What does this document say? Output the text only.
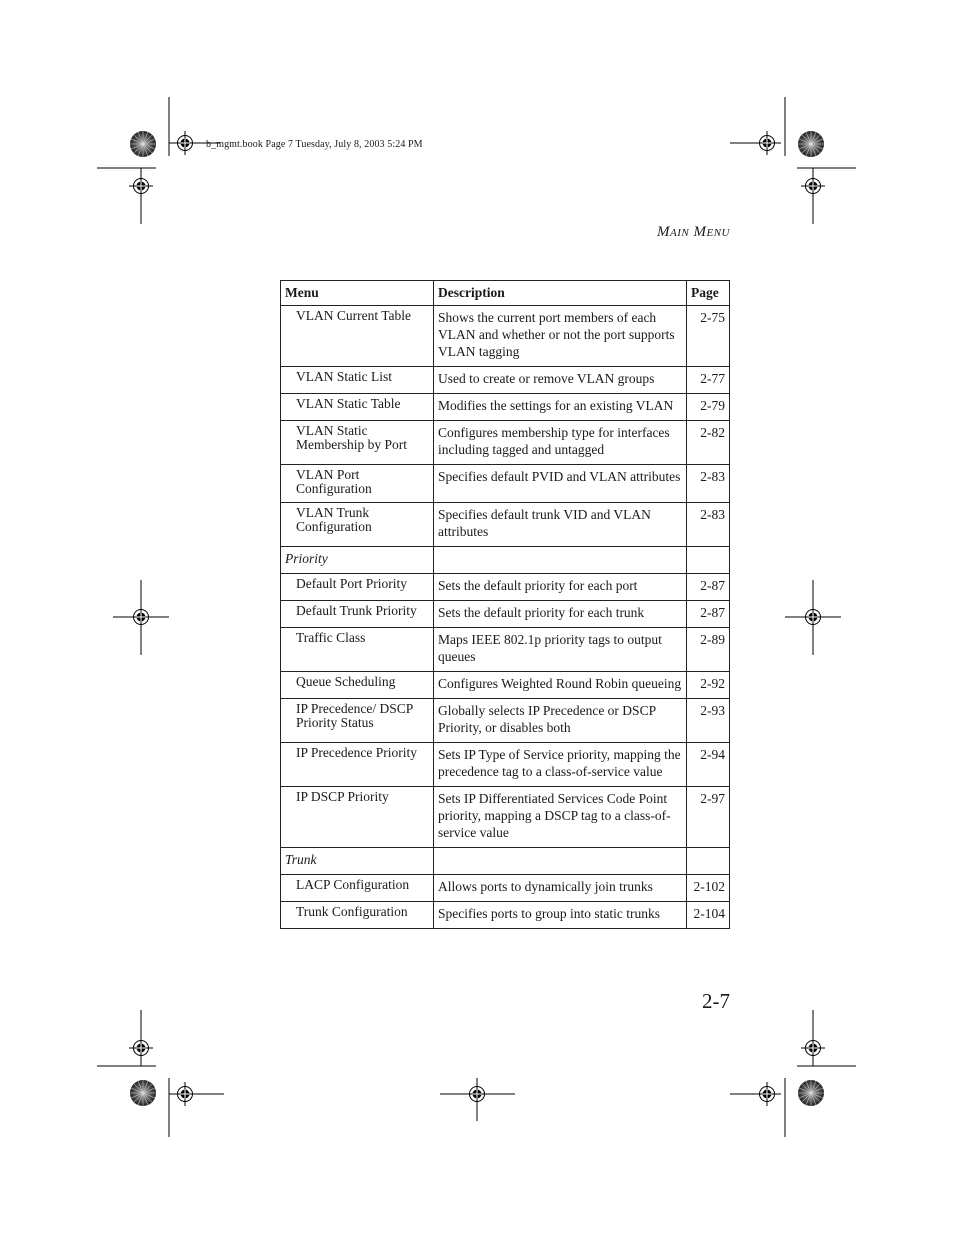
b_mgmt.book Page 7 Tuesday, July 8, 2003 5:24 PM
MAIN MENU
Menu	Description	Page
VLAN Current Table	Shows the current port members of each VLAN and whether or not the port supports VLAN tagging	2-75
VLAN Static List	Used to create or remove VLAN groups	2-77
VLAN Static Table	Modifies the settings for an existing VLAN	2-79
VLAN Static Membership by Port	Configures membership type for interfaces including tagged and untagged	2-82
VLAN Port Configuration	Specifies default PVID and VLAN attributes	2-83
VLAN Trunk Configuration	Specifies default trunk VID and VLAN attributes	2-83
Priority		
Default Port Priority	Sets the default priority for each port	2-87
Default Trunk Priority	Sets the default priority for each trunk	2-87
Traffic Class	Maps IEEE 802.1p priority tags to output queues	2-89
Queue Scheduling	Configures Weighted Round Robin queueing	2-92
IP Precedence/ DSCP Priority Status	Globally selects IP Precedence or DSCP Priority, or disables both	2-93
IP Precedence Priority	Sets IP Type of Service priority, mapping the precedence tag to a class-of-service value	2-94
IP DSCP Priority	Sets IP Differentiated Services Code Point priority, mapping a DSCP tag to a class-of-service value	2-97
Trunk		
LACP Configuration	Allows ports to dynamically join trunks	2-102
Trunk Configuration	Specifies ports to group into static trunks	2-104
2-7
